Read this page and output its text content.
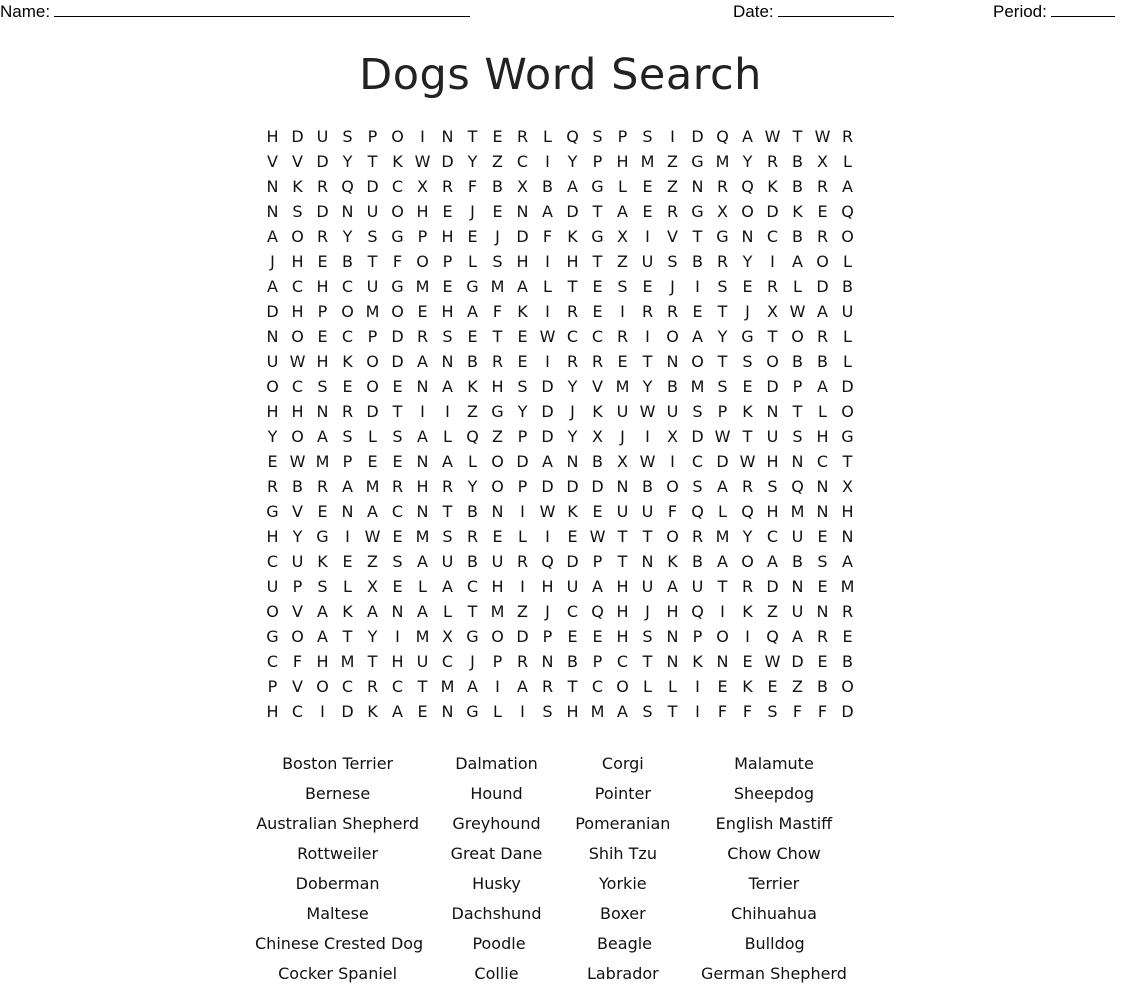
Name:	Date:	Period:
Dogs Word Search
H D U S P O	I	N T E R L Q S P S	I	D Q A W T W R
V V D Y T K W D Y Z C	I	Y P H M Z G M Y R B X L
N K R Q D C X R F B X B A G L E Z N R Q K B R A
N S D N U O H E	J	E N A D T A E R G X O D K E Q
A O R Y S G P H E	J	D F K G X	I	V T G N C B R O
J	H E B T F O P L S H	I	H T Z U S B R Y	I	A O L
A C H C U G M E G M A L T E S E	J	I	S E R L D B
D H P O M O E H A F K	I	R E	I	R R E T	J	X W A U
N O E C P D R S E T E W C C R	I	O A Y G T O R L
U W H K O D A N B R E	I	R R E T N O T S O B B L
O C S E O E N A K H S D Y V M Y B M S E D P A D
H H N R D T	I	I	Z G Y D	J	K U W U S P K N T L O
Y O A S L S A L Q Z P D Y X	J	I	X D W T U S H G
E W M P E E N A L O D A N B X W I	C D W H N C T
R B R A M R H R Y O P D D D N B O S A R S Q N X
G V E N A C N T B N	I W K E U U F Q L Q H M N H
H Y G	I W E M S R E L	I	E W T T O R M Y C U E N
C U K E Z S A U B U R Q D P T N K B A O A B S A
U P S L X E L A C H	I	H U A H U A U T R D N E M
O V A K A N A L T M Z	J	C Q H	J	H Q	I	K Z U N R
G O A T Y	I M X G O D P E E H S N P O	I	Q A R E
C F H M T H U C	J	P R N B P C T N K N E W D E B
P V O C R C T M A	I	A R T C O L	L	I	E K E Z B O
H C	I	D K A E N G L	I	S H M A S T	I	F F S F F D
Boston Terrier	Dalmation	Corgi	Malamute
Bernese	Hound	Pointer	Sheepdog
Australian Shepherd	Greyhound	Pomeranian	English Mastiff
Rottweiler	Great Dane	Shih Tzu	Chow Chow
Doberman	Husky	Yorkie	Terrier
Maltese	Dachshund	Boxer	Chihuahua
Chinese Crested Dog	Poodle	Beagle	Bulldog
Cocker Spaniel	Collie	Labrador	German Shepherd
